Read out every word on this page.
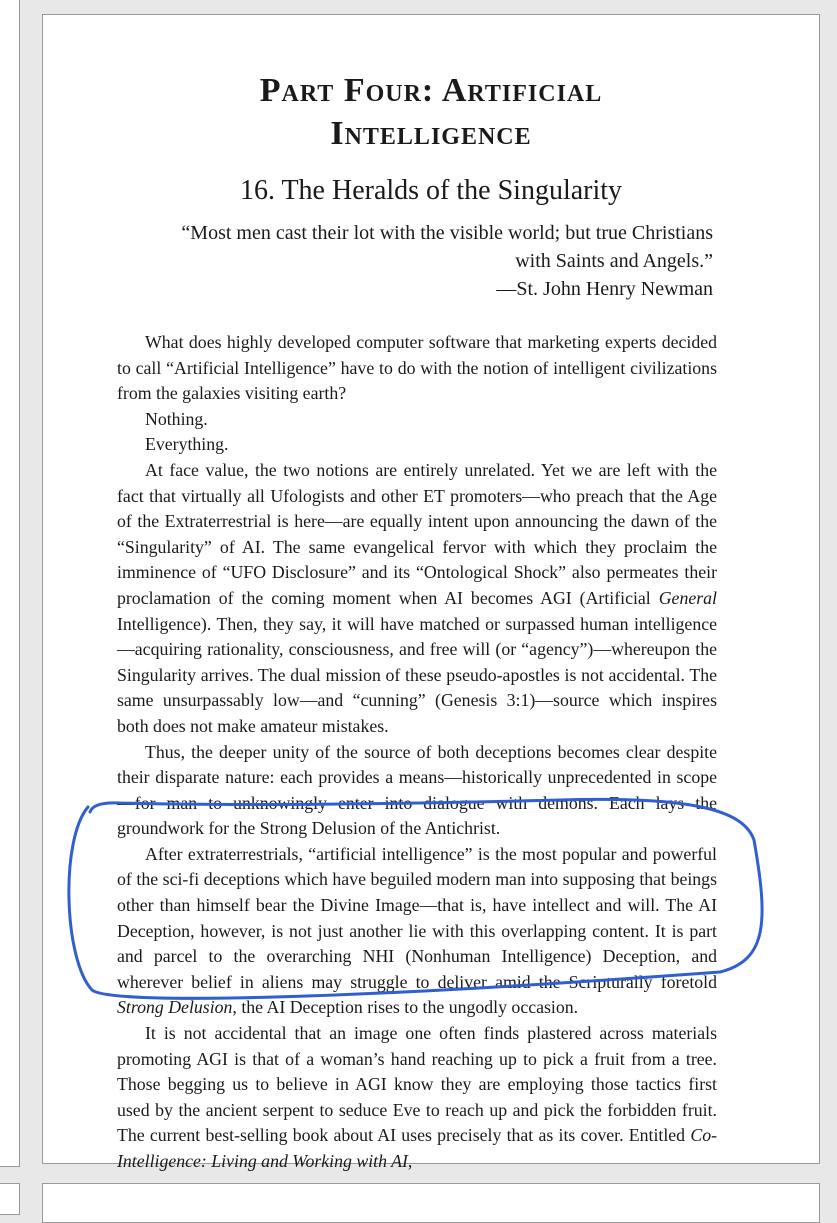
Part Four: Artificial
Intelligence
16. The Heralds of the Singularity
“Most men cast their lot with the visible world; but true Christians
with Saints and Angels.”
—St. John Henry Newman

What does highly developed computer software that marketing experts decided to call “Artificial Intelligence” have to do with the notion of intelligent civilizations from the galaxies visiting earth?

Nothing.

Everything.

At face value, the two notions are entirely unrelated. Yet we are left with the fact that virtually all Ufologists and other ET promoters—who preach that the Age of the Extraterrestrial is here—are equally intent upon announcing the dawn of the “Singularity” of AI. The same evangelical fervor with which they proclaim the imminence of “UFO Disclosure” and its “Ontological Shock” also permeates their proclamation of the coming moment when AI becomes AGI (Artificial General Intelligence). Then, they say, it will have matched or surpassed human intelligence—acquiring rationality, consciousness, and free will (or “agency”)—whereupon the Singularity arrives. The dual mission of these pseudo-apostles is not accidental. The same unsurpassably low—and “cunning” (Genesis 3:1)—source which inspires both does not make amateur mistakes.

Thus, the deeper unity of the source of both deceptions becomes clear despite their disparate nature: each provides a means—historically unprecedented in scope—for man to unknowingly enter into dialogue with demons. Each lays the groundwork for the Strong Delusion of the Antichrist.

After extraterrestrials, “artificial intelligence” is the most popular and powerful of the sci-fi deceptions which have beguiled modern man into supposing that beings other than himself bear the Divine Image—that is, have intellect and will. The AI Deception, however, is not just another lie with this overlapping content. It is part and parcel to the overarching NHI (Nonhuman Intelligence) Deception, and wherever belief in aliens may struggle to deliver amid the Scripturally foretold Strong Delusion, the AI Deception rises to the ungodly occasion.

It is not accidental that an image one often finds plastered across materials promoting AGI is that of a woman’s hand reaching up to pick a fruit from a tree. Those begging us to believe in AGI know they are employing those tactics first used by the ancient serpent to seduce Eve to reach up and pick the forbidden fruit. The current best-selling book about AI uses precisely that as its cover. Entitled Co-Intelligence: Living and Working with AI,
